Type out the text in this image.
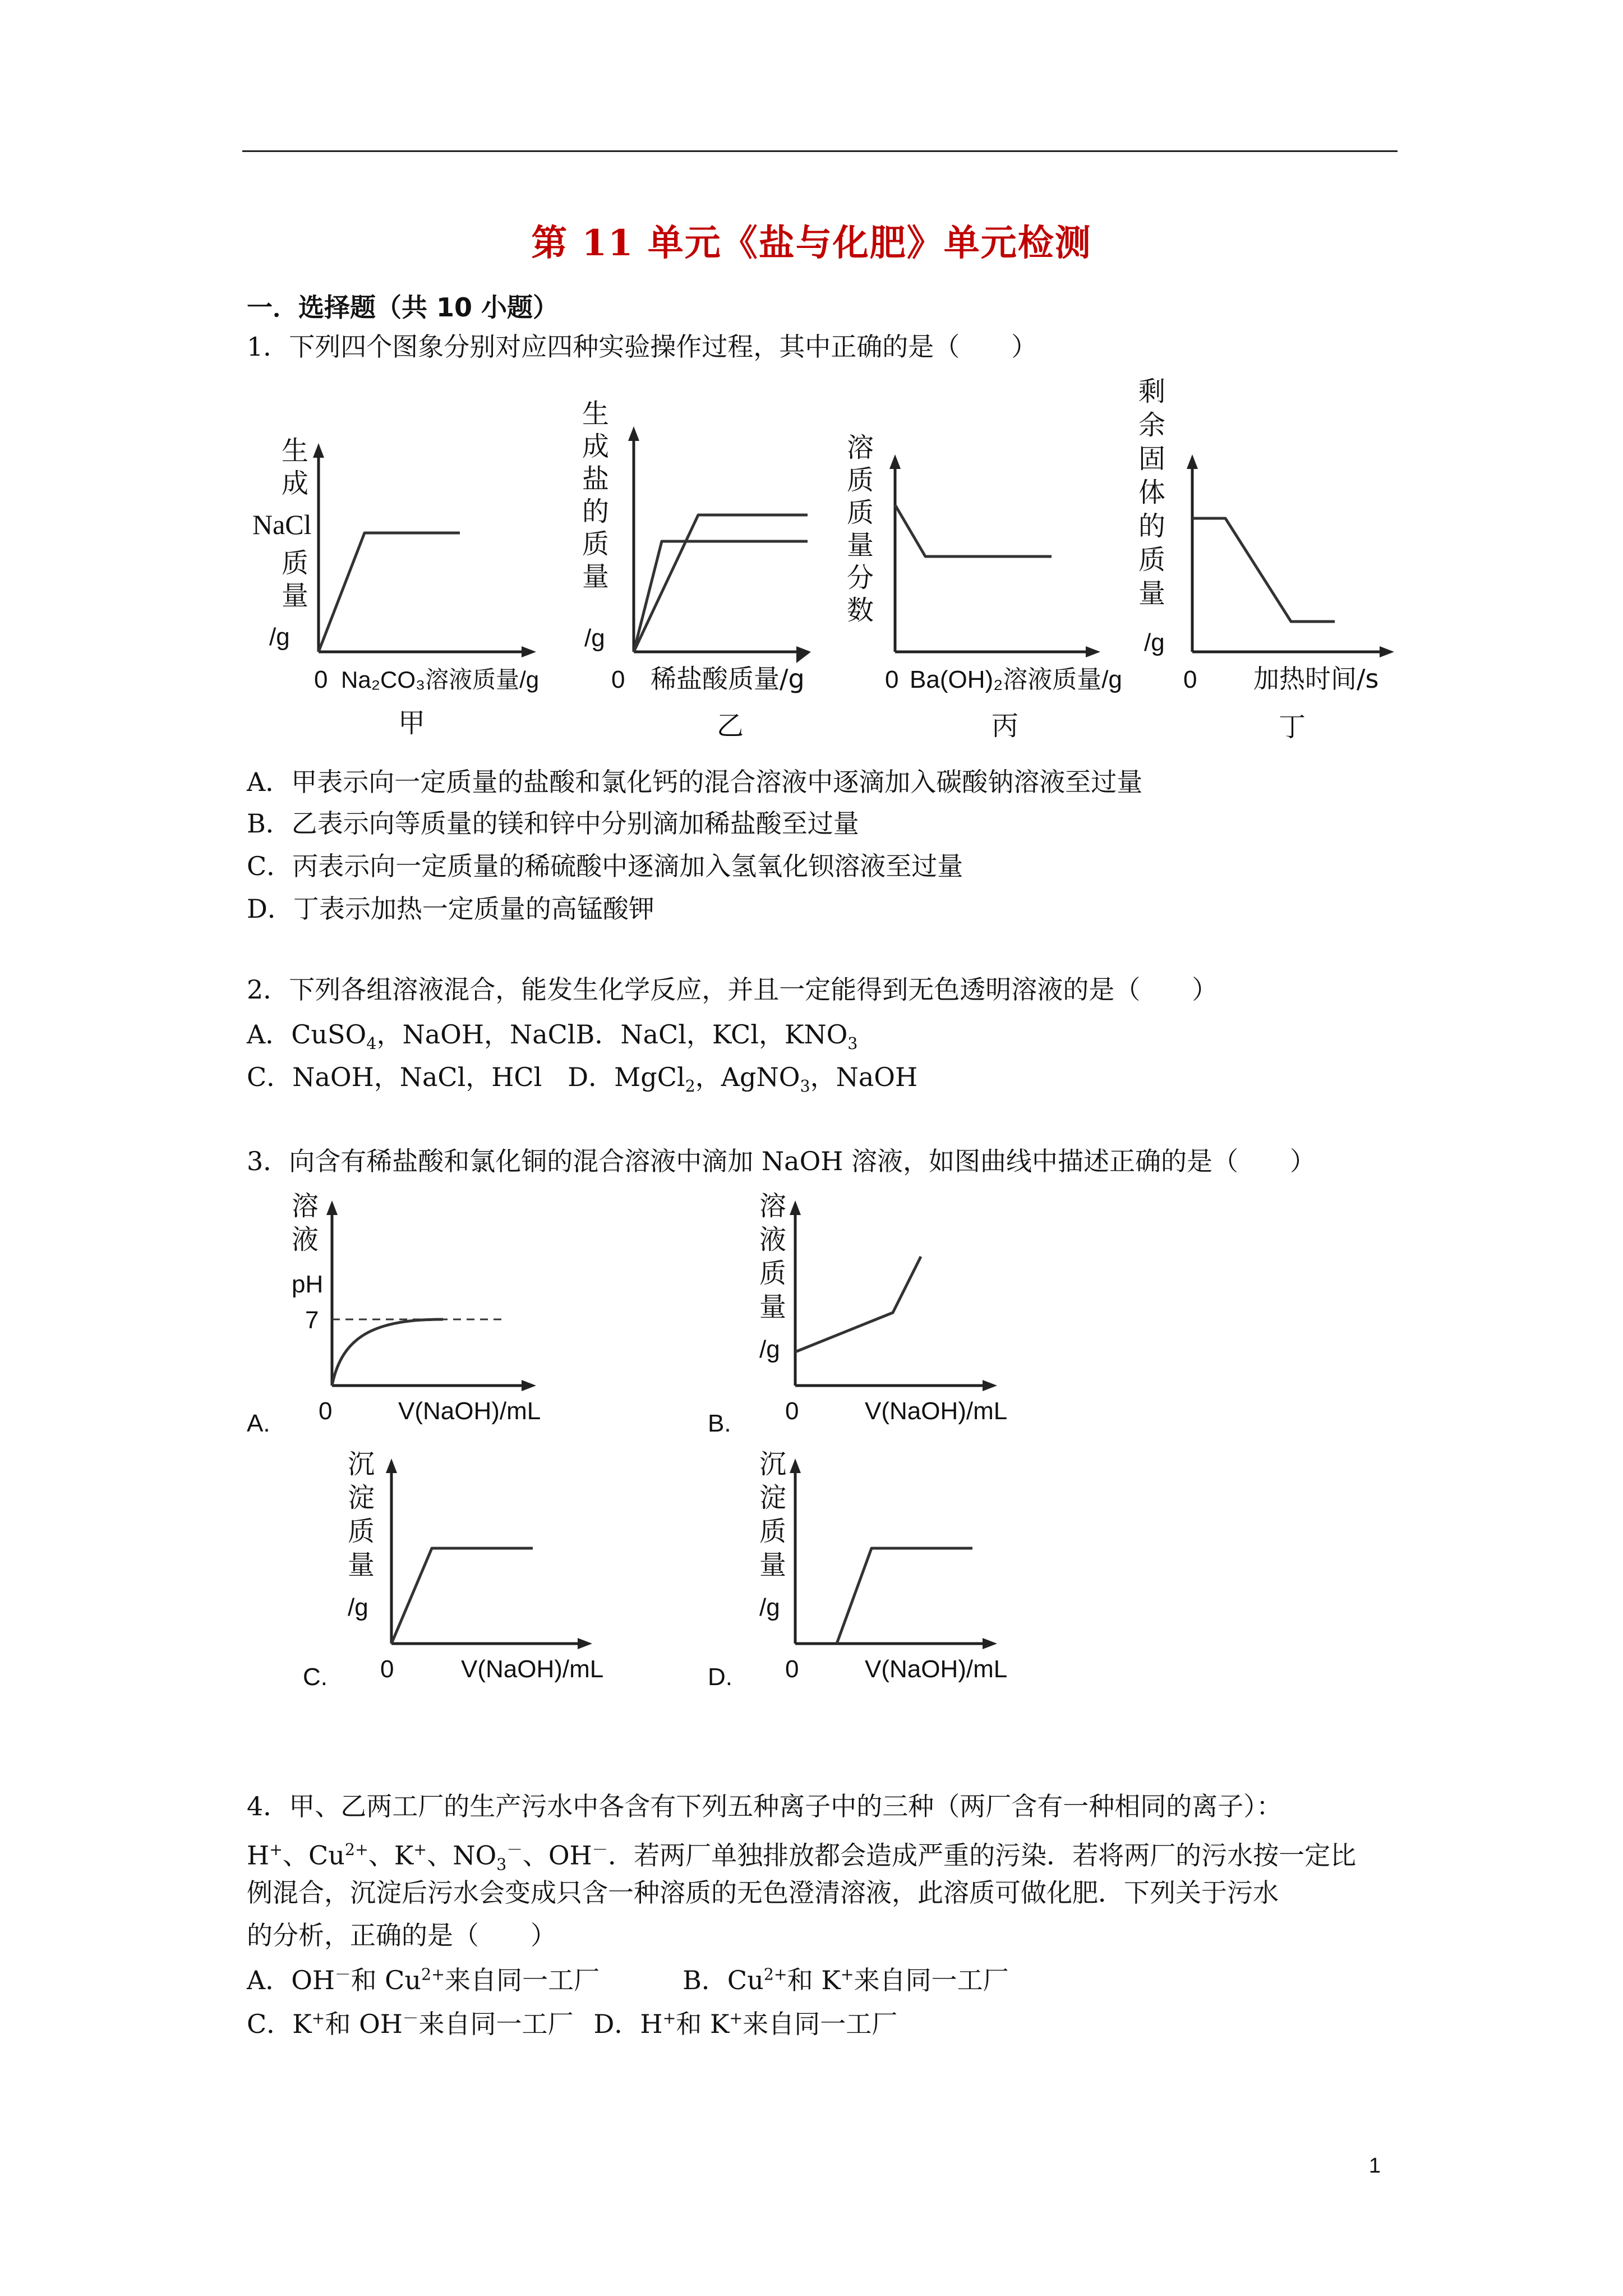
第 11 单元《盐与化肥》单元检测
一．选择题（共 10 小题）
1．下列四个图象分别对应四种实验操作过程，其中正确的是（　　）
生
成
NaCl
质
量
/g
0 Na₂CO₃溶液质量/g
甲
生
成
盐
的
质
量
/g
0 稀盐酸质量/g
乙
溶
质
质
量
分
数
0 Ba(OH)₂溶液质量/g
丙
剩
余
固
体
的
质
量
/g
0 加热时间/s
丁
A．甲表示向一定质量的盐酸和氯化钙的混合溶液中逐滴加入碳酸钠溶液至过量
B．乙表示向等质量的镁和锌中分别滴加稀盐酸至过量
C．丙表示向一定质量的稀硫酸中逐滴加入氢氧化钡溶液至过量
D．丁表示加热一定质量的高锰酸钾
2．下列各组溶液混合，能发生化学反应，并且一定能得到无色透明溶液的是（　　）
A．CuSO$_4$，NaOH，NaClB．NaCl，KCl，$KNO_3$
C．NaOH，NaCl，HCl　D．MgCl$_2$，AgNO$_3$，NaOH
3．向含有稀盐酸和氯化铜的混合溶液中滴加 NaOH 溶液，如图曲线中描述正确的是（　　）
溶
液
pH
7
0	V(NaOH)/mL
A.
溶
液
质
量
/g
0	V(NaOH)/mL
B.
沉
淀
质
量
/g
0	V(NaOH)/mL
C.
沉
淀
质
量
/g
0	V(NaOH)/mL
D.
4．甲、乙两工厂的生产污水中各含有下列五种离子中的三种（两厂含有一种相同的离子）：
H+、$Cu^{2+}$、K+、$NO_3^-$、OH－．若两厂单独排放都会造成严重的污染．若将两厂的污水按一定比
例混合，沉淀后污水会变成只含一种溶质的无色澄清溶液，此溶质可做化肥．下列关于污水
的分析，正确的是（　　）
A．OH－和 $Cu^{2+}$来自同一工厂	B．$Cu^{2+}$和 K+来自同一工厂
C．K+和 OH－来自同一工厂 D．H+和 K+来自同一工厂
1
